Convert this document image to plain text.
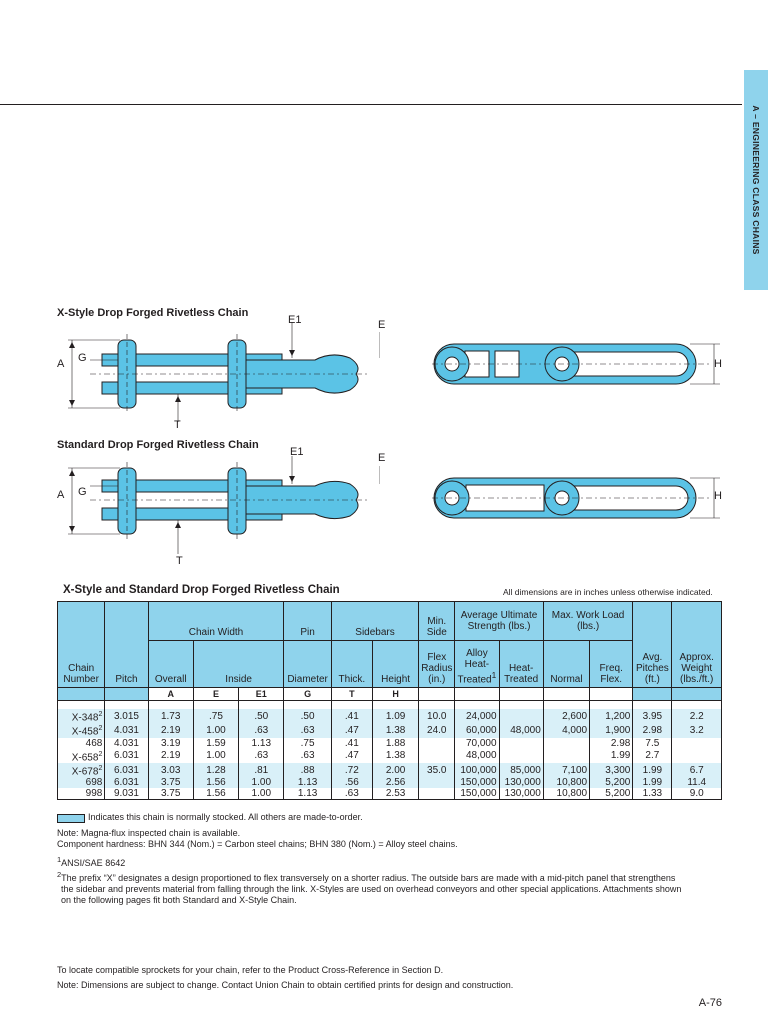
A – ENGINEERING CLASS CHAINS
X-Style Drop Forged Rivetless Chain
E1	E
A G
T
H
Standard Drop Forged Rivetless Chain
E1	E
A G
T
H
X-Style and Standard Drop Forged Rivetless Chain	All dimensions are in inches unless otherwise indicated.
Chain Number	Pitch	Chain Width			Pin	Sidebars		Min. Side	Average Ultimate Strength (lbs.)		Max. Work Load (lbs.)		Avg. Pitches (ft.)	Approx. Weight (lbs./ft.)
		Overall	Inside		Diameter	Thick.	Height	Flex Radius (in.)	Alloy Heat-
Treated$^1$	Heat- Treated	Normal	Freq. Flex.		

		A	E	E1	G	T	H							

$X-348^2$	3.015	1.73	.75	.50	.50	.41	1.09	10.0	24,000		2,600	1,200	3.95	2.2
$X-458^2$	4.031	2.19	1.00	.63	.63	.47	1.38	24.0	60,000	48,000	4,000	1,900	2.98	3.2
468	4.031	3.19	1.59	1.13	.75	.41	1.88		70,000			2.98	7.5	
$X-658^2$	6.031	2.19	1.00	.63	.63	.47	1.38		48,000			1.99	2.7	
$X-678^2$	6.031	3.03	1.28	.81	.88	.72	2.00	35.0	100,000	85,000	7,100	3,300	1.99	6.7
698	6.031	3.75	1.56	1.00	1.13	.56	2.56		150,000	130,000	10,800	5,200	1.99	11.4
998	9.031	3.75	1.56	1.00	1.13	.63	2.53		150,000	130,000	10,800	5,200	1.33	9.0
Indicates this chain is normally stocked. All others are made-to-order.
Note: Magna-flux inspected chain is available.
Component hardness: BHN 344 (Nom.) = Carbon steel chains; BHN 380 (Nom.) = Alloy steel chains.
$^1$ANSI/SAE 8642
$^2$The prefix “X” designates a design proportioned to flex transversely on a shorter radius. The outside bars are made with a mid-pitch panel that strengthens
the sidebar and prevents material from falling through the link. X-Styles are used on overhead conveyors and other special applications. Attachments shown
on the following pages fit both Standard and X-Style Chain.
To locate compatible sprockets for your chain, refer to the Product Cross-Reference in Section D.
Note: Dimensions are subject to change. Contact Union Chain to obtain certified prints for design and construction.
A-76
